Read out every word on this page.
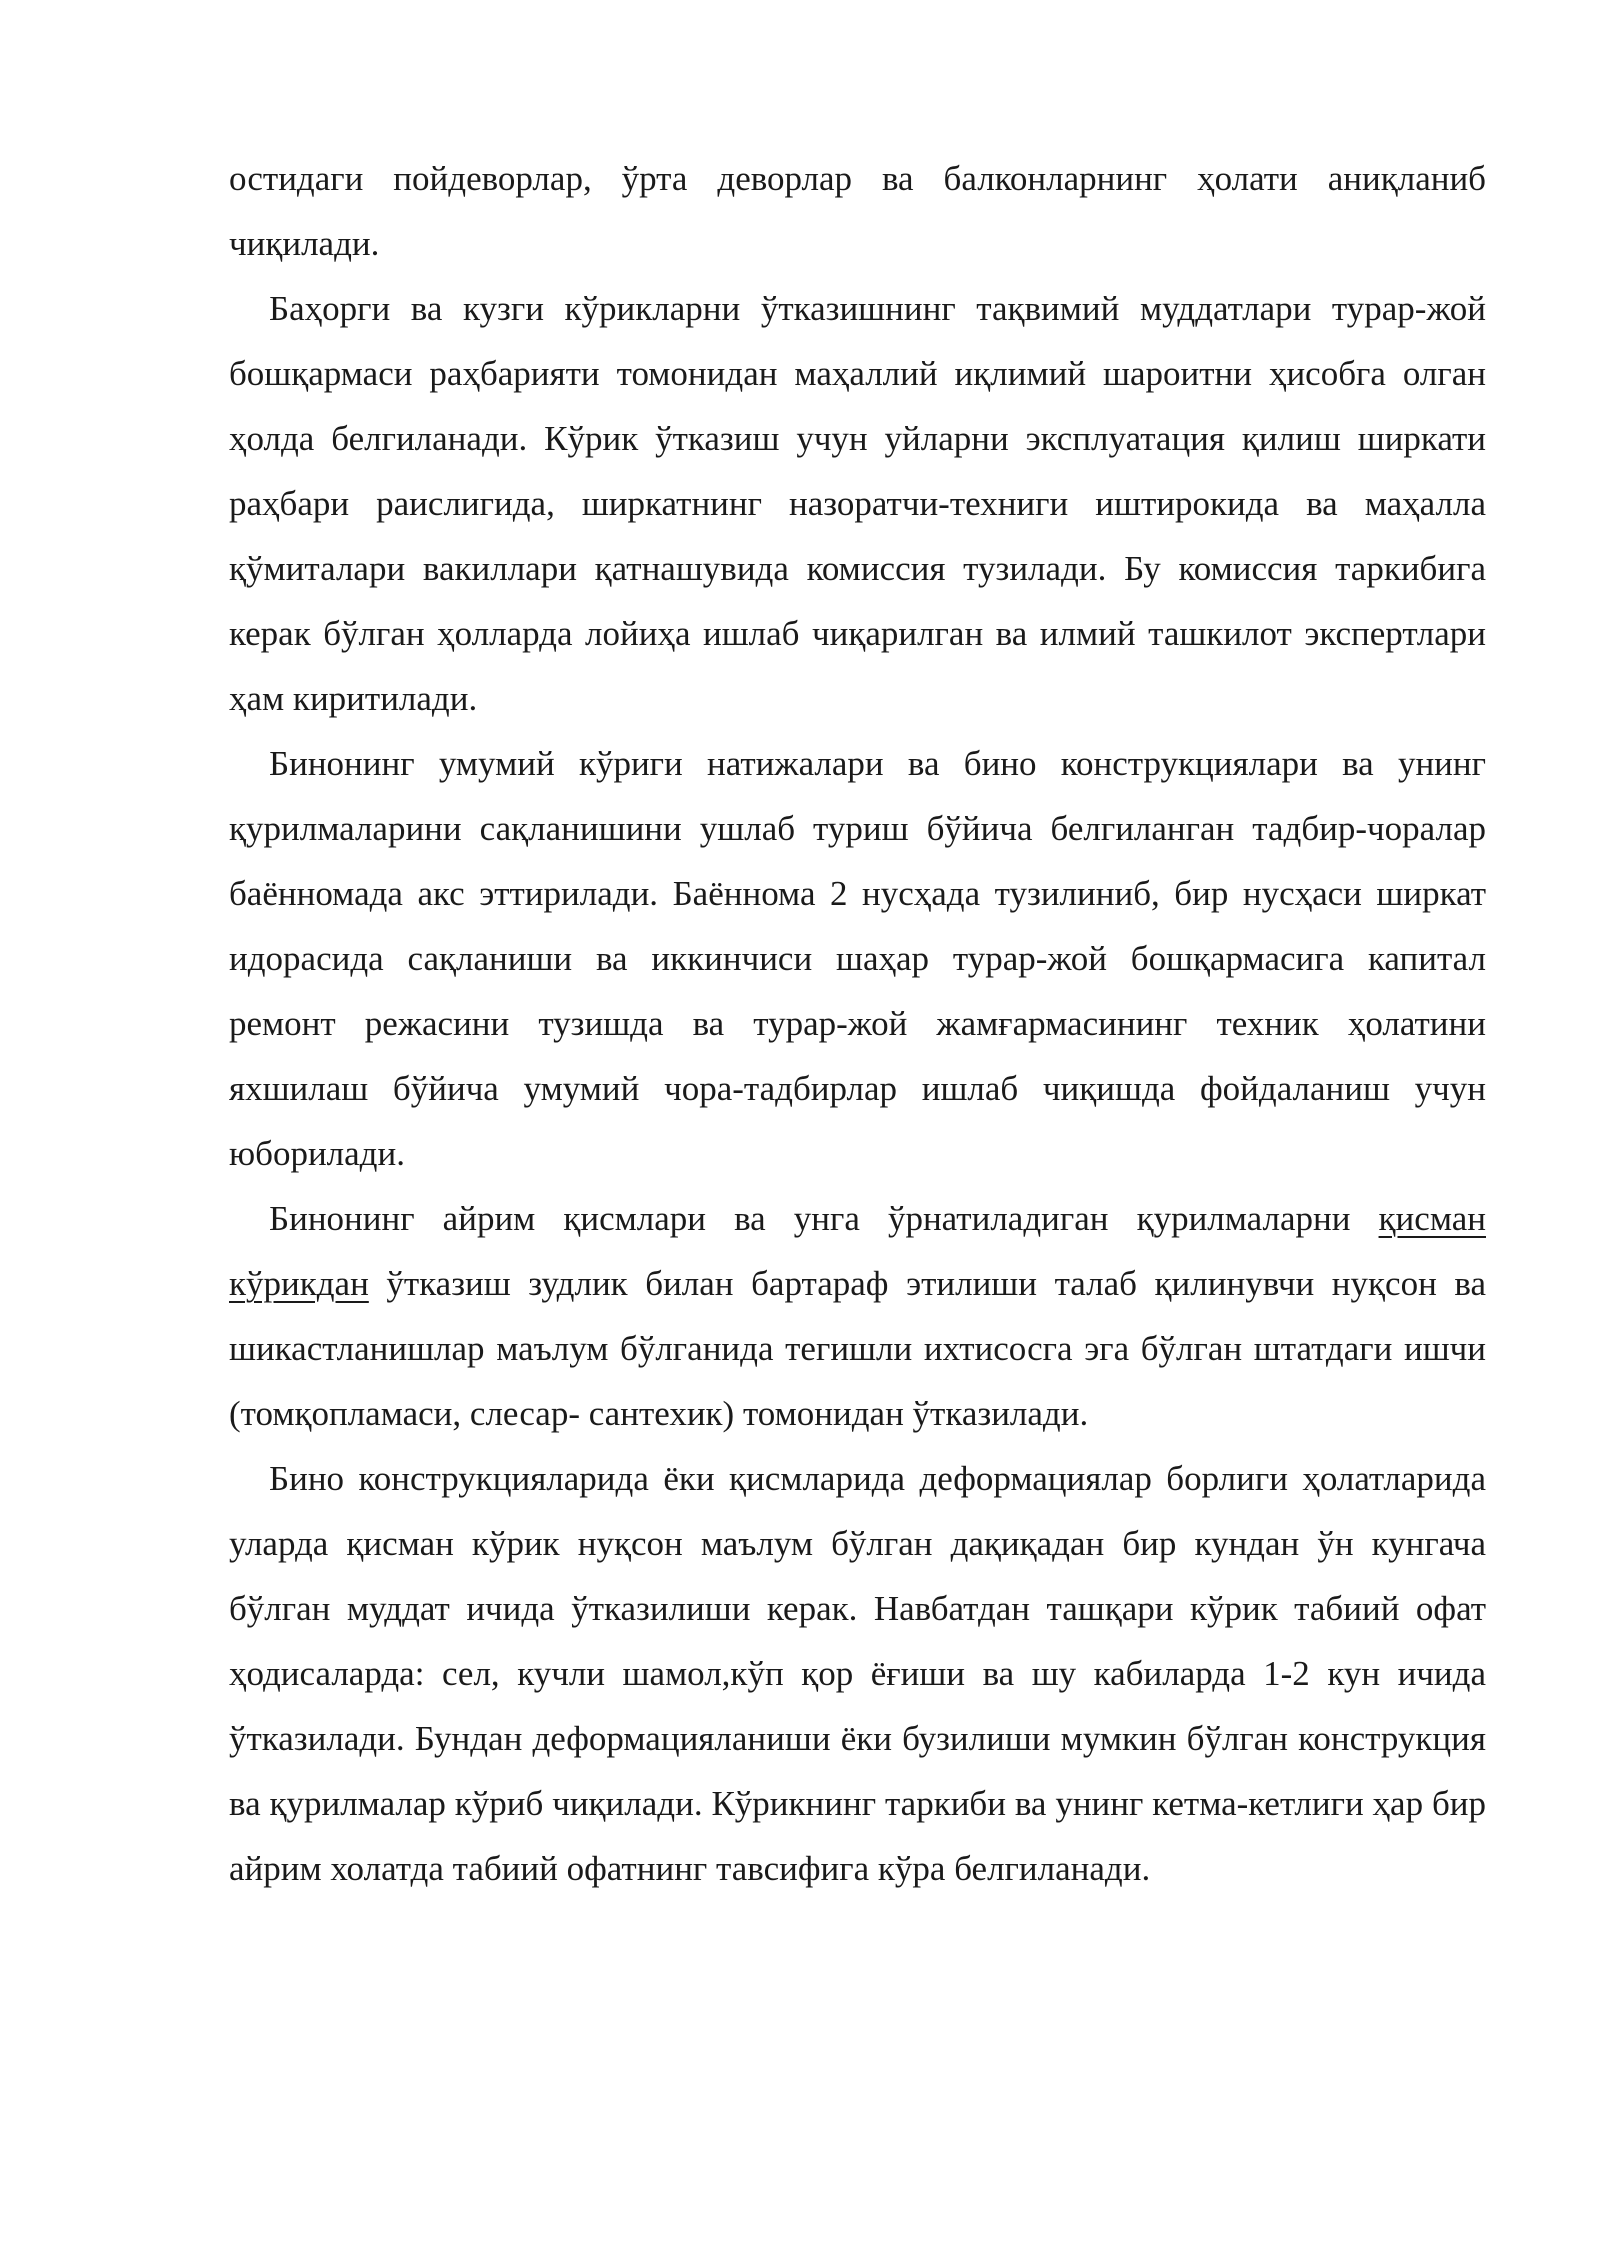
остидаги пойдеворлар, ўрта деворлар ва балконларнинг ҳолати аниқланиб чиқилади.

Баҳорги ва кузги кўрикларни ўтказишнинг тақвимий муддатлари турар-жой бошқармаси раҳбарияти томонидан маҳаллий иқлимий шароитни ҳисобга олган ҳолда белгиланади. Кўрик ўтказиш учун уйларни эксплуатация қилиш ширкати раҳбари раислигида, ширкатнинг назоратчи-техниги иштирокида ва маҳалла қўмиталари вакиллари қатнашувида комиссия тузилади. Бу комиссия таркибига керак бўлган ҳолларда лойиҳа ишлаб чиқарилган ва илмий ташкилот экспертлари ҳам киритилади.

Бинонинг умумий кўриги натижалари ва бино конструкциялари ва унинг қурилмаларини сақланишини ушлаб туриш бўйича белгиланган тадбир-чоралар баённомада акс эттирилади. Баённома 2 нусҳада тузилиниб, бир нусҳаси ширкат идорасида сақланиши ва иккинчиси шаҳар турар-жой бошқармасига капитал ремонт режасини тузишда ва турар-жой жамғармасининг техник ҳолатини яхшилаш бўйича умумий чора-тадбирлар ишлаб чиқишда фойдаланиш учун юборилади.

Бинонинг айрим қисмлари ва унга ўрнатиладиган қурилмаларни қисман кўрикдан ўтказиш зудлик билан бартараф этилиши талаб қилинувчи нуқсон ва шикастланишлар маълум бўлганида тегишли ихтисосга эга бўлган штатдаги ишчи (томқопламаси, слесар- сантехик) томонидан ўтказилади.

Бино конструкцияларида ёки қисмларида деформациялар борлиги ҳолатларида уларда қисман кўрик нуқсон маълум бўлган дақиқадан бир кундан ўн кунгача бўлган муддат ичида ўтказилиши керак. Навбатдан ташқари кўрик табиий офат ҳодисаларда: сел, кучли шамол,кўп қор ёғиши ва шу кабиларда 1-2 кун ичида ўтказилади. Бундан деформацияланиши ёки бузилиши мумкин бўлган конструкция ва қурилмалар кўриб чиқилади. Кўрикнинг таркиби ва унинг кетма-кетлиги ҳар бир айрим холатда табиий офатнинг тавсифига кўра белгиланади.
